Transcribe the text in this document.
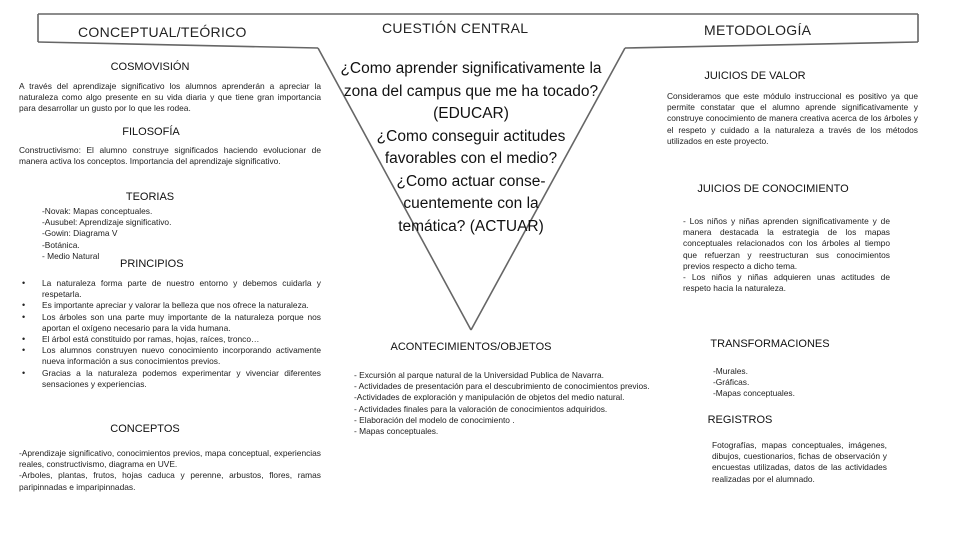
CONCEPTUAL/TEÓRICO	CUESTIÓN CENTRAL	METODOLOGÍA
COSMOVISIÓN
A través del aprendizaje significativo los alumnos aprenderán a apreciar la naturaleza como algo presente en su vida diaria y que tiene gran importancia para desarrollar un gusto por lo que les rodea.
FILOSOFÍA
Constructivismo: El alumno construye significados haciendo evolucionar de manera activa los conceptos. Importancia del aprendizaje significativo.
TEORIAS
-Novak: Mapas conceptuales.
-Ausubel: Aprendizaje significativo.
-Gowin: Diagrama V
-Botánica.
- Medio Natural
PRINCIPIOS
• La naturaleza forma parte de nuestro entorno y debemos cuidarla y respetarla.
• Es importante apreciar y valorar la belleza que nos ofrece la naturaleza.
• Los árboles son una parte muy importante de la naturaleza porque nos aportan el oxígeno necesario para la vida humana.
• El árbol está constituido por ramas, hojas, raíces, tronco…
• Los alumnos construyen nuevo conocimiento incorporando activamente nueva información a sus conocimientos previos.
• Gracias a la naturaleza podemos experimentar y vivenciar diferentes sensaciones y experiencias.
CONCEPTOS
-Aprendizaje significativo, conocimientos previos, mapa conceptual, experiencias reales, constructivismo, diagrama en UVE.
-Arboles, plantas, frutos, hojas caduca y perenne, arbustos, flores, ramas paripinnadas e imparipinnadas.
¿Como aprender significativamente la zona del campus que me ha tocado? (EDUCAR)
¿Como conseguir actitudes favorables con el medio?
¿Como actuar conse-cuentemente con la temática? (ACTUAR)
ACONTECIMIENTOS/OBJETOS
- Excursión al parque natural de la Universidad Publica de Navarra.
- Actividades de presentación para el descubrimiento de conocimientos previos.
-Actividades de exploración y manipulación de objetos del medio natural.
- Actividades finales para la valoración de conocimientos adquiridos.
- Elaboración del modelo de conocimiento .
- Mapas conceptuales.
JUICIOS DE VALOR
Consideramos que este módulo instruccional es positivo ya que permite constatar que el alumno aprende significativamente y construye conocimiento de manera creativa acerca de los árboles y el respeto y cuidado a la naturaleza a través de los métodos utilizados en este proyecto.
JUICIOS DE CONOCIMIENTO
- Los niños y niñas aprenden significativamente y de manera destacada la estrategia de los mapas conceptuales relacionados con los árboles al tiempo que refuerzan y reestructuran sus conocimientos previos respecto a dicho tema.
- Los niños y niñas adquieren unas actitudes de respeto hacia la naturaleza.
TRANSFORMACIONES
-Murales.
-Gráficas.
-Mapas conceptuales.
REGISTROS
Fotografías, mapas conceptuales, imágenes, dibujos, cuestionarios, fichas de observación y encuestas utilizadas, datos de las actividades realizadas por el alumnado.
